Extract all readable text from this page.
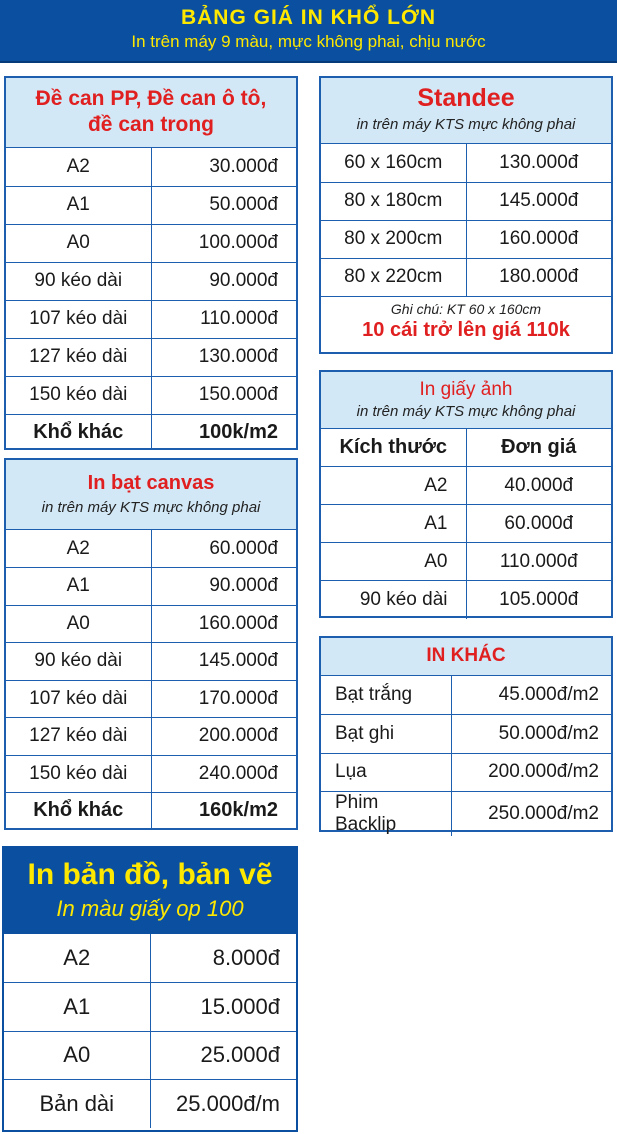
BẢNG GIÁ IN KHỔ LỚN
In trên máy 9 màu, mực không phai, chịu nước
Đề can PP, Đề can ô tô,
đề can trong
A2	30.000đ
A1	50.000đ
A0	100.000đ
90 kéo dài	90.000đ
107 kéo dài	110.000đ
127 kéo dài	130.000đ
150 kéo dài	150.000đ
Khổ khác	100k/m2
In bạt canvas
in trên máy KTS mực không phai
A2	60.000đ
A1	90.000đ
A0	160.000đ
90 kéo dài	145.000đ
107 kéo dài	170.000đ
127 kéo dài	200.000đ
150 kéo dài	240.000đ
Khổ khác	160k/m2
Standee
in trên máy KTS mực không phai
60 x 160cm	130.000đ
80 x 180cm	145.000đ
80 x 200cm	160.000đ
80 x 220cm	180.000đ
Ghi chú: KT 60 x 160cm
10 cái trở lên giá 110k
In giấy ảnh
in trên máy KTS mực không phai
Kích thước	Đơn giá
A2	40.000đ
A1	60.000đ
A0	110.000đ
90 kéo dài	105.000đ
IN KHÁC
Bạt trắng	45.000đ/m2
Bạt ghi	50.000đ/m2
Lụa	200.000đ/m2
Phim Backlip	250.000đ/m2
In bản đồ, bản vẽ
In màu giấy op 100
A2	8.000đ
A1	15.000đ
A0	25.000đ
Bản dài	25.000đ/m
